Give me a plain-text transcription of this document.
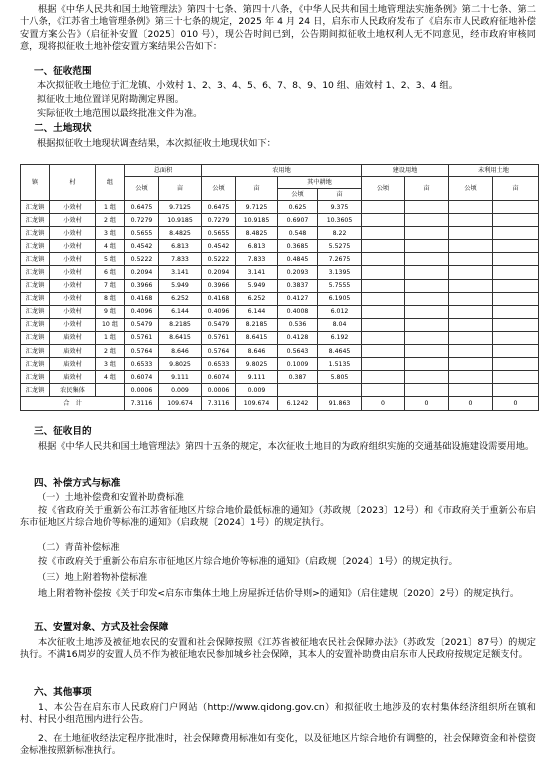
根据《中华人民共和国土地管理法》第四十七条、第四十八条，《中华人民共和国土地管理法实施条例》第二十七条、第二十八条，《江苏省土地管理条例》第三十七条的规定，2025 年 4 月 24 日，启东市人民政府发布了《启东市人民政府征地补偿安置方案公告》（启征补安置〔2025〕010 号），现公告时间已到，公告期间拟征收土地权利人无不同意见，经市政府审核同意，现将拟征收土地补偿安置方案结果公告如下：

一、征收范围

本次拟征收土地位于汇龙镇、小效村 1、2、3、4、5、6、7、8、9、10 组、庙效村 1、2、3、4 组。

拟征收土地位置详见附勘测定界图。

实际征收土地范围以最终批准文件为准。

二、土地现状

根据拟征收土地现状调查结果，本次拟征收土地现状如下：

镇	村	组	总面积		农用地				建设用地		未利用土地	
			公顷	亩	公顷	亩	其中耕地		公顷	亩	公顷	亩
							公顷	亩				
汇龙镇	小效村	1 组	0.6475	9.7125	0.6475	9.7125	0.625	9.375				
汇龙镇	小效村	2 组	0.7279	10.9185	0.7279	10.9185	0.6907	10.3605				
汇龙镇	小效村	3 组	0.5655	8.4825	0.5655	8.4825	0.548	8.22				
汇龙镇	小效村	4 组	0.4542	6.813	0.4542	6.813	0.3685	5.5275				
汇龙镇	小效村	5 组	0.5222	7.833	0.5222	7.833	0.4845	7.2675				
汇龙镇	小效村	6 组	0.2094	3.141	0.2094	3.141	0.2093	3.1395				
汇龙镇	小效村	7 组	0.3966	5.949	0.3966	5.949	0.3837	5.7555				
汇龙镇	小效村	8 组	0.4168	6.252	0.4168	6.252	0.4127	6.1905				
汇龙镇	小效村	9 组	0.4096	6.144	0.4096	6.144	0.4008	6.012				
汇龙镇	小效村	10 组	0.5479	8.2185	0.5479	8.2185	0.536	8.04				
汇龙镇	庙效村	1 组	0.5761	8.6415	0.5761	8.6415	0.4128	6.192				
汇龙镇	庙效村	2 组	0.5764	8.646	0.5764	8.646	0.5643	8.4645				
汇龙镇	庙效村	3 组	0.6533	9.8025	0.6533	9.8025	0.1009	1.5135				
汇龙镇	庙效村	4 组	0.6074	9.111	0.6074	9.111	0.387	5.805				
汇龙镇	农民集体		0.0006	0.009	0.0006	0.009						
合　计			7.3116	109.674	7.3116	109.674	6.1242	91.863	0	0	0	0

三、征收目的

根据《中华人民共和国土地管理法》第四十五条的规定，本次征收土地目的为政府组织实施的交通基础设施建设需要用地。

四、补偿方式与标准

（一）土地补偿费和安置补助费标准

按《省政府关于重新公布江苏省征地区片综合地价最低标准的通知》（苏政规〔2023〕12号）和《市政府关于重新公布启东市征地区片综合地价等标准的通知》（启政规〔2024〕1号）的规定执行。

（二）青苗补偿标准

按《市政府关于重新公布启东市征地区片综合地价等标准的通知》（启政规〔2024〕1号）的规定执行。

（三）地上附着物补偿标准

地上附着物补偿按《关于印发<启东市集体土地上房屋拆迁估价导则>的通知》（启住建规〔2020〕2号）的规定执行。

五、安置对象、方式及社会保障

本次征收土地涉及被征地农民的安置和社会保障按照《江苏省被征地农民社会保障办法》（苏政发〔2021〕87号）的规定执行。不满16周岁的安置人员不作为被征地农民参加城乡社会保障，其本人的安置补助费由启东市人民政府按规定足额支付。

六、其他事项

1、本公告在启东市人民政府门户网站（http://www.qidong.gov.cn）和拟征收土地涉及的农村集体经济组织所在镇和村、村民小组范围内进行公告。

2、在土地征收经法定程序批准时，社会保障费用标准如有变化，以及征地区片综合地价有调整的，社会保障资金和补偿资金标准按照新标准执行。
